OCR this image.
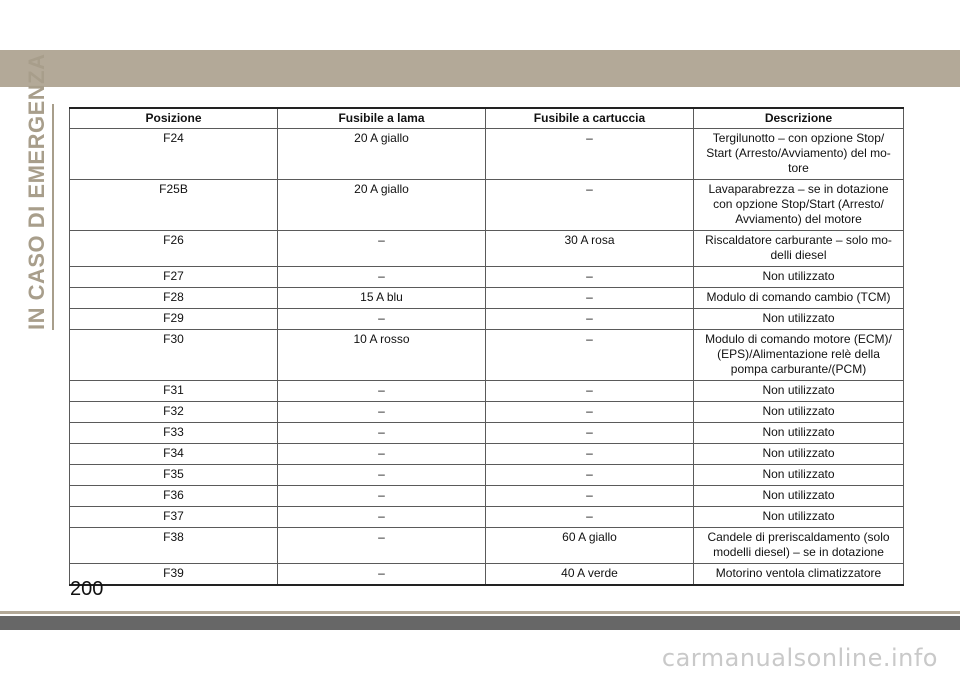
IN CASO DI EMERGENZA	Posizione	Fusibile a lama	Fusibile a cartuccia	Descrizione
F24	20 A giallo	–	Tergilunotto – con opzione Stop/
Start (Arresto/Avviamento) del mo-
tore
F25B	20 A giallo	–	Lavaparabrezza – se in dotazione
con opzione Stop/Start (Arresto/
Avviamento) del motore
F26	–	30 A rosa	Riscaldatore carburante – solo mo-
delli diesel
F27	–	–	Non utilizzato
F28	15 A blu	–	Modulo di comando cambio (TCM)
F29	–	–	Non utilizzato
F30	10 A rosso	–	Modulo di comando motore (ECM)/
(EPS)/Alimentazione relè della
pompa carburante/(PCM)
F31	–	–	Non utilizzato
F32	–	–	Non utilizzato
F33	–	–	Non utilizzato
F34	–	–	Non utilizzato
F35	–	–	Non utilizzato
F36	–	–	Non utilizzato
F37	–	–	Non utilizzato
F38	–	60 A giallo	Candele di preriscaldamento (solo
modelli diesel) – se in dotazione
F39	–	40 A verde	Motorino ventola climatizzatore
200
carmanualsonline.info
